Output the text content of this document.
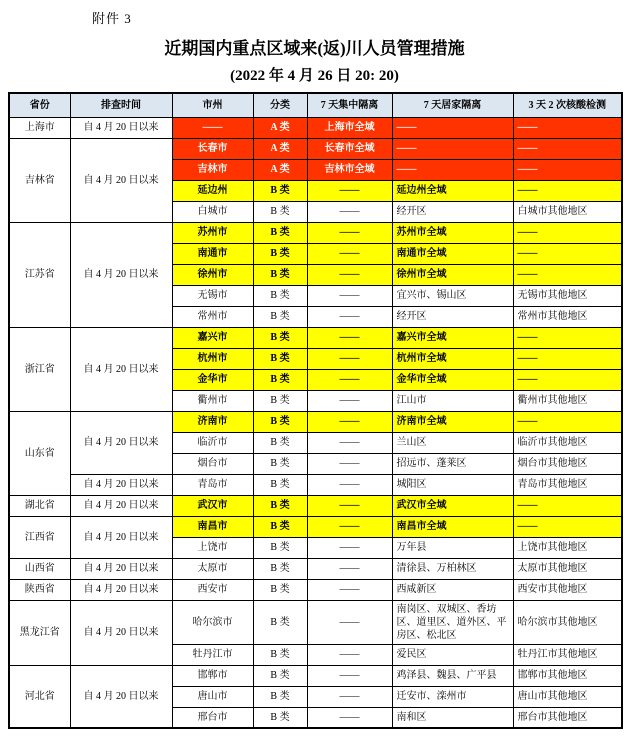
附件 3
近期国内重点区域来(返)川人员管理措施
(2022 年 4 月 26 日 20: 20)
省份	排查时间	市州	分类	7 天集中隔离	7 天居家隔离	3 天 2 次核酸检测
上海市	自 4 月 20 日以来	——	A 类	上海市全域	——	——
吉林省	自 4 月 20 日以来	长春市	A 类	长春市全域	——	——
		吉林市	A 类	吉林市全域	——	——
		延边州	B 类	——	延边州全域	——
		白城市	B 类	——	经开区	白城市其他地区
江苏省	自 4 月 20 日以来	苏州市	B 类	——	苏州市全域	——
		南通市	B 类	——	南通市全域	——
		徐州市	B 类	——	徐州市全域	——
		无锡市	B 类	——	宜兴市、锡山区	无锡市其他地区
		常州市	B 类	——	经开区	常州市其他地区
浙江省	自 4 月 20 日以来	嘉兴市	B 类	——	嘉兴市全域	——
		杭州市	B 类	——	杭州市全域	——
		金华市	B 类	——	金华市全域	——
		衢州市	B 类	——	江山市	衢州市其他地区
山东省	自 4 月 20 日以来	济南市	B 类	——	济南市全域	——
		临沂市	B 类	——	兰山区	临沂市其他地区
		烟台市	B 类	——	招远市、蓬莱区	烟台市其他地区
	自 4 月 20 日以来	青岛市	B 类	——	城阳区	青岛市其他地区
湖北省	自 4 月 20 日以来	武汉市	B 类	——	武汉市全域	——
江西省	自 4 月 20 日以来	南昌市	B 类	——	南昌市全域	——
		上饶市	B 类	——	万年县	上饶市其他地区
山西省	自 4 月 20 日以来	太原市	B 类	——	清徐县、万柏林区	太原市其他地区
陕西省	自 4 月 20 日以来	西安市	B 类	——	西咸新区	西安市其他地区
黑龙江省	自 4 月 20 日以来	哈尔滨市	B 类	——	南岗区、双城区、香坊区、道里区、道外区、平房区、松北区	哈尔滨市其他地区
		牡丹江市	B 类	——	爱民区	牡丹江市其他地区
河北省	自 4 月 20 日以来	邯郸市	B 类	——	鸡泽县、魏县、广平县	邯郸市其他地区
		唐山市	B 类	——	迁安市、滦州市	唐山市其他地区
		邢台市	B 类	——	南和区	邢台市其他地区
